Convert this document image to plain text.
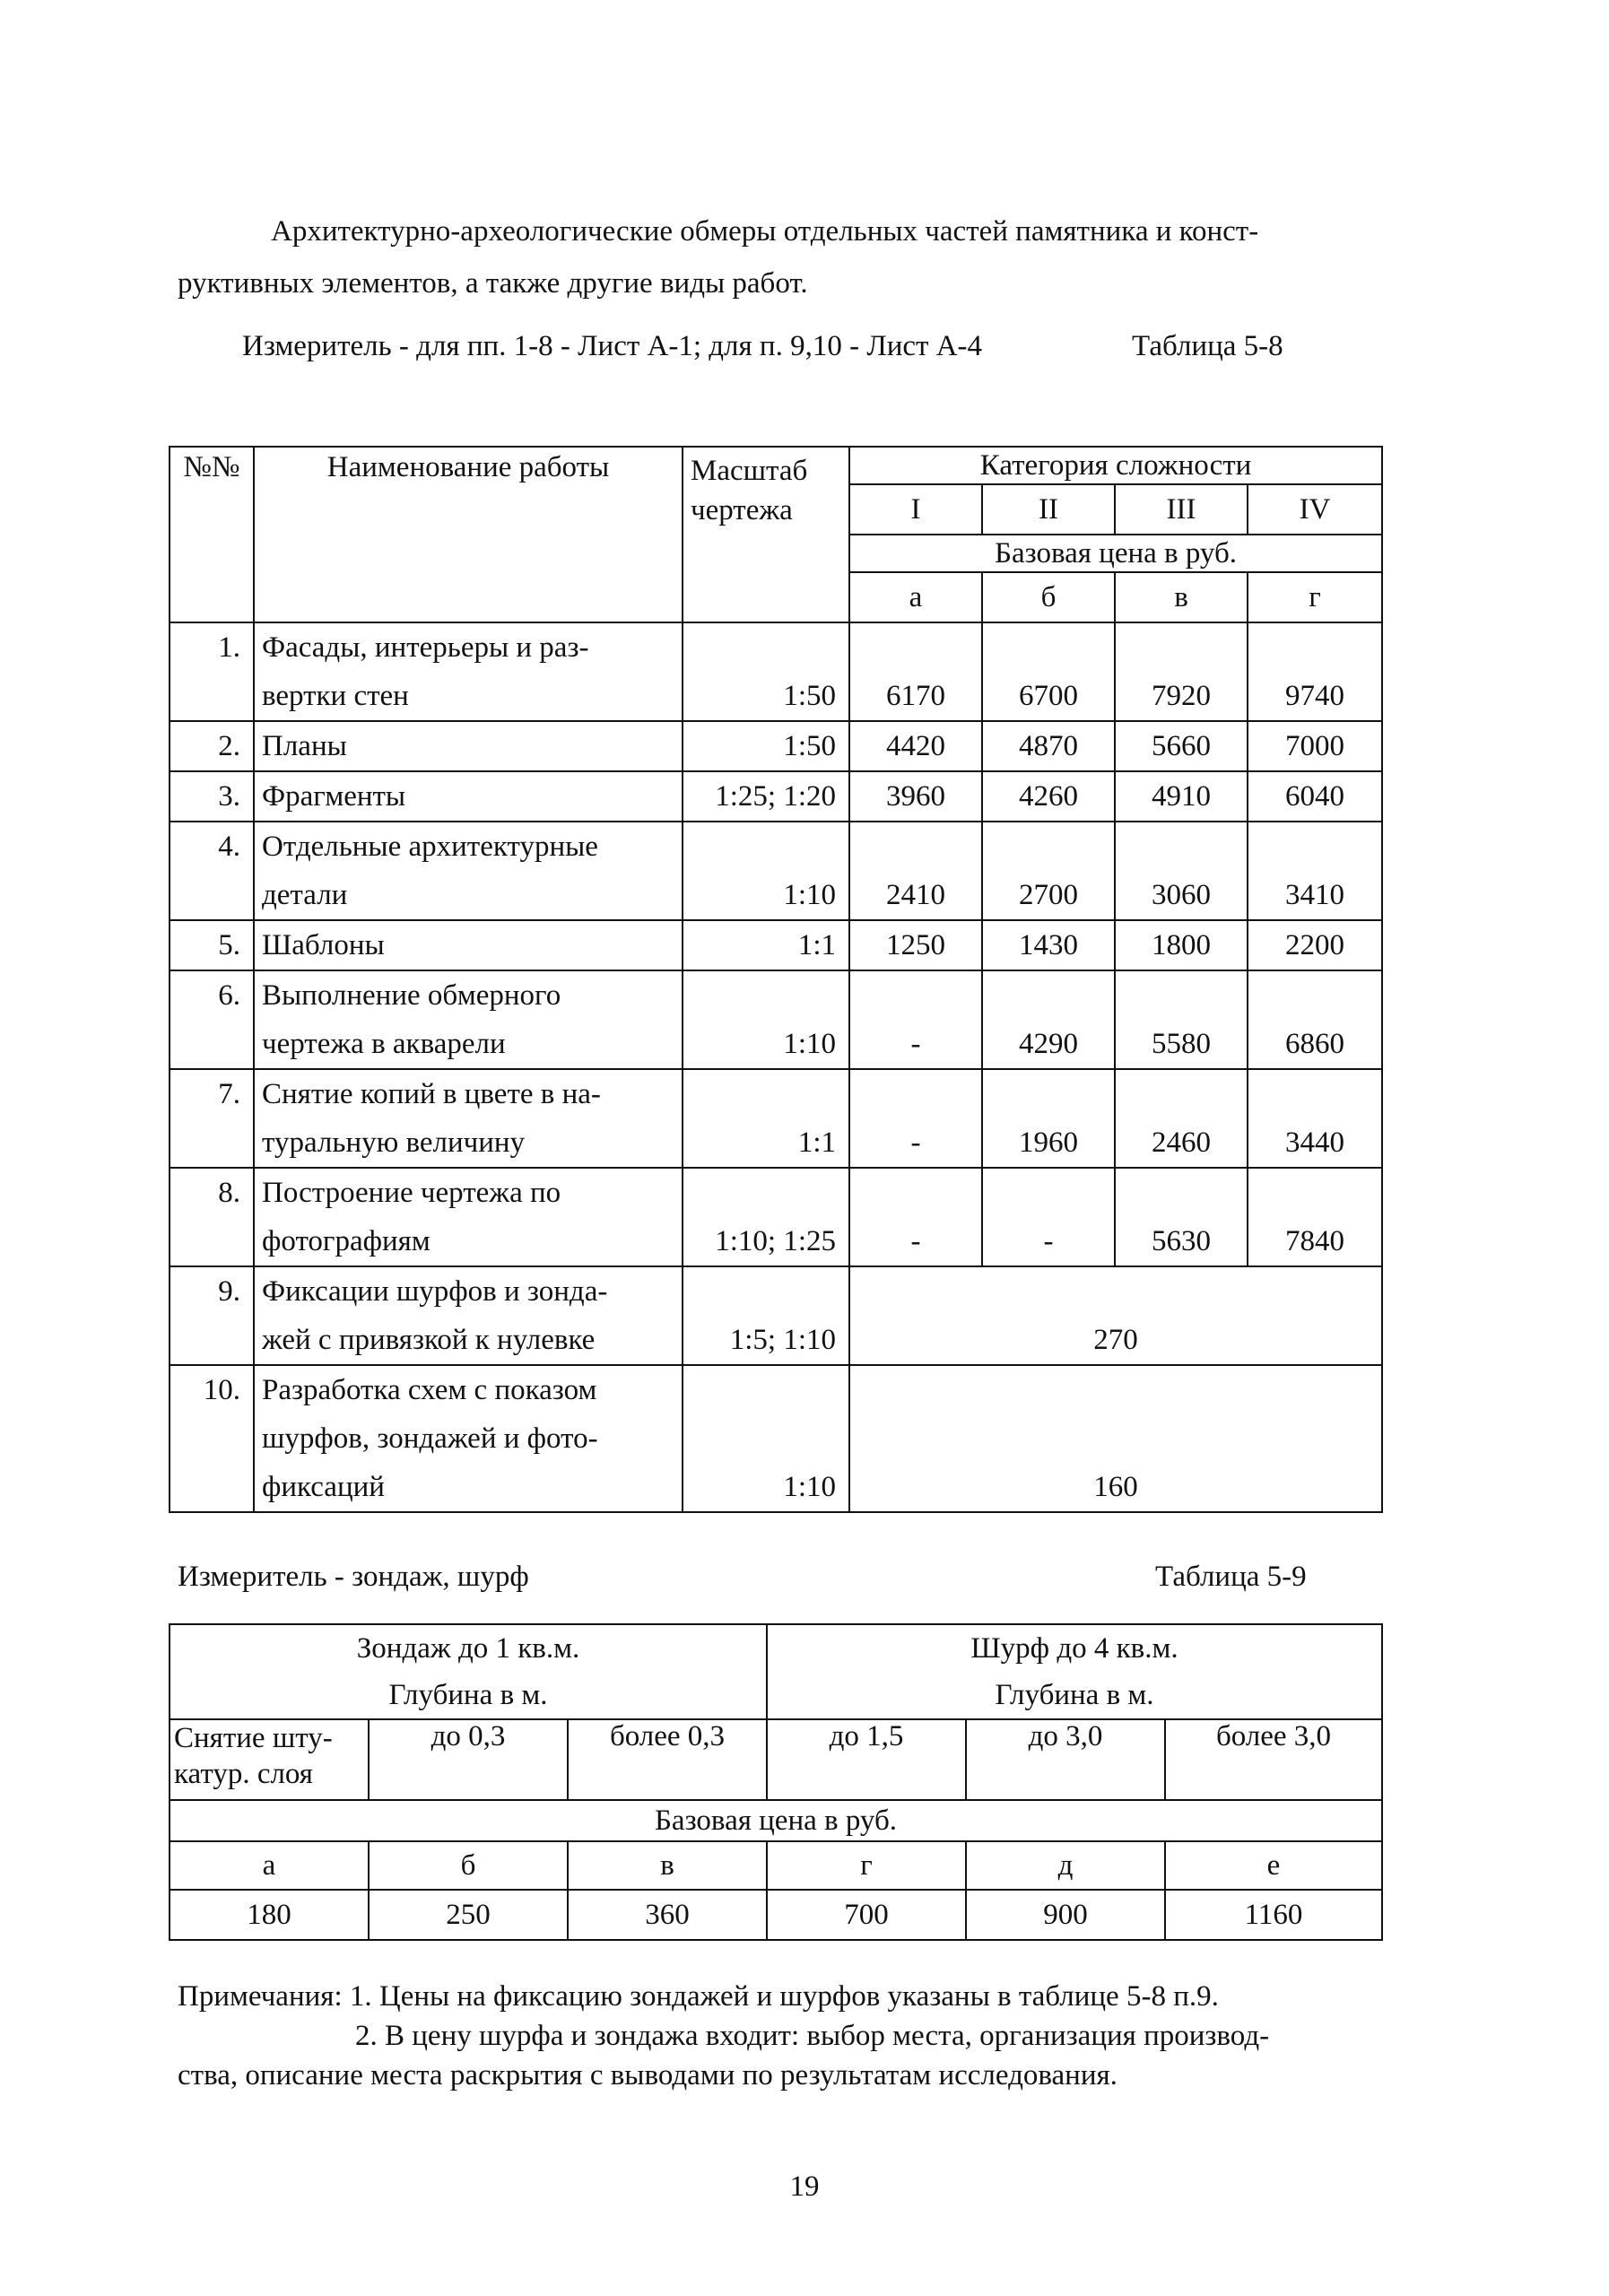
Архитектурно-археологические обмеры отдельных частей памятника и конст-

руктивных элементов, а также другие виды работ.

Измеритель - для пп. 1-8 - Лист А-1; для п. 9,10 - Лист А-4	Таблица 5-8
№№	Наименование работы	Масштаб чертежа	Категория сложности			
			I	II	III	IV
			Базовая цена в руб.			
			а	б	в	г
1.	Фасады, интерьеры и раз-					
	вертки стен	1:50	6170	6700	7920	9740
2.	Планы	1:50	4420	4870	5660	7000
3.	Фрагменты	1:25; 1:20	3960	4260	4910	6040
4.	Отдельные архитектурные					
	детали	1:10	2410	2700	3060	3410
5.	Шаблоны	1:1	1250	1430	1800	2200
6.	Выполнение обмерного					
	чертежа в акварели	1:10	-	4290	5580	6860
7.	Снятие копий в цвете в на-					
	туральную величину	1:1	-	1960	2460	3440
8.	Построение чертежа по					
	фотографиям	1:10; 1:25	-	-	5630	7840
9.	Фиксации шурфов и зонда-					
	жей с привязкой к нулевке	1:5; 1:10	270			
10.	Разработка схем с показом					
	шурфов, зондажей и фото-					
	фиксаций	1:10	160			
Измеритель - зондаж, шурф	Таблица 5-9
Зондаж до 1 кв.м.			Шурф до 4 кв.м.		
Глубина в м.			Глубина в м.		
Снятие шту-катур. слоя	до 0,3	более 0,3	до 1,5	до 3,0	более 3,0
Базовая цена в руб.					
а	б	в	г	д	е
180	250	360	700	900	1160

Примечания: 1. Цены на фиксацию зондажей и шурфов указаны в таблице 5-8 п.9.

2. В цену шурфа и зондажа входит: выбор места, организация производ-

ства, описание места раскрытия с выводами по результатам исследования.

19
